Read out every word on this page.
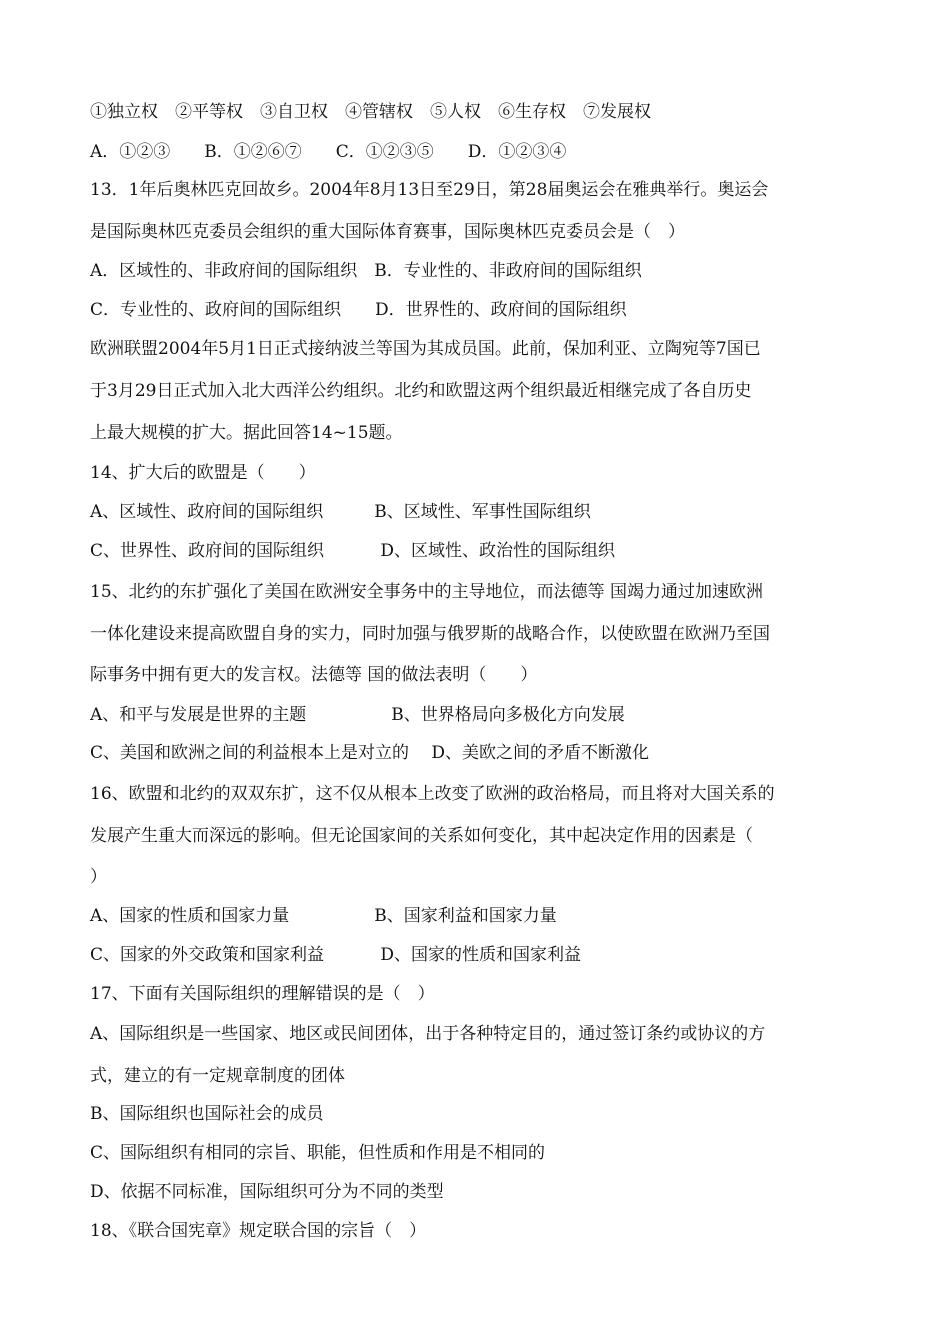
①独立权　②平等权　③自卫权　④管辖权　⑤人权　⑥生存权　⑦发展权
A．①②③　　B．①②⑥⑦　　C．①②③⑤　　D．①②③④
13．1年后奥林匹克回故乡。2004年8月13日至29日，第28届奥运会在雅典举行。奥运会
是国际奥林匹克委员会组织的重大国际体育赛事，国际奥林匹克委员会是（　）
A．区域性的、非政府间的国际组织　B．专业性的、非政府间的国际组织
C．专业性的、政府间的国际组织　　D．世界性的、政府间的国际组织
欧洲联盟2004年5月1日正式接纳波兰等国为其成员国。此前，保加利亚、立陶宛等7国已
于3月29日正式加入北大西洋公约组织。北约和欧盟这两个组织最近相继完成了各自历史
上最大规模的扩大。据此回答14~15题。
14、扩大后的欧盟是（　　）
A、区域性、政府间的国际组织　　　B、区域性、军事性国际组织
C、世界性、政府间的国际组织　　　 D、区域性、政治性的国际组织
15、北约的东扩强化了美国在欧洲安全事务中的主导地位，而法德等 国竭力通过加速欧洲
一体化建设来提高欧盟自身的实力，同时加强与俄罗斯的战略合作，以使欧盟在欧洲乃至国
际事务中拥有更大的发言权。法德等 国的做法表明（　　）
A、和平与发展是世界的主题　　　　　B、世界格局向多极化方向发展
C、美国和欧洲之间的利益根本上是对立的　 D、美欧之间的矛盾不断激化
16、欧盟和北约的双双东扩，这不仅从根本上改变了欧洲的政治格局，而且将对大国关系的
发展产生重大而深远的影响。但无论国家间的关系如何变化，其中起决定作用的因素是（
）
A、国家的性质和国家力量　　　　　B、国家利益和国家力量
C、国家的外交政策和国家利益　　　 D、国家的性质和国家利益
17、下面有关国际组织的理解错误的是（　）
A、国际组织是一些国家、地区或民间团体，出于各种特定目的，通过签订条约或协议的方
式，建立的有一定规章制度的团体
B、国际组织也国际社会的成员
C、国际组织有相同的宗旨、职能，但性质和作用是不相同的
D、依据不同标准，国际组织可分为不同的类型
18、《联合国宪章》规定联合国的宗旨（　）
